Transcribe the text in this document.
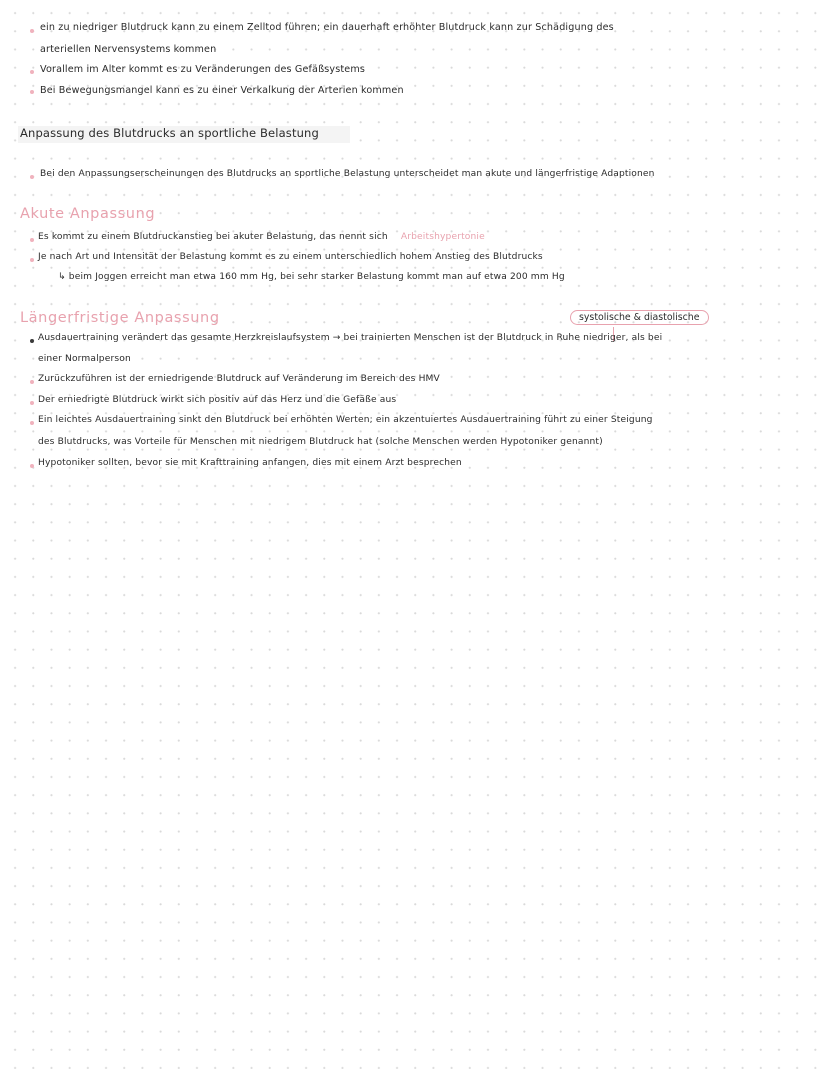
ein zu niedriger Blutdruck kann zu einem Zelltod führen; ein dauerhaft erhöhter Blutdruck kann zur Schädigung des
arteriellen Nervensystems kommen
Vorallem im Alter kommt es zu Veränderungen des Gefäßsystems
Bei Bewegungsmangel kann es zu einer Verkalkung der Arterien kommen
Anpassung des Blutdrucks an sportliche Belastung
Bei den Anpassungserscheinungen des Blutdrucks an sportliche Belastung unterscheidet man akute und längerfristige Adaptionen
Akute Anpassung
Es kommt zu einem Blutdruckanstieg bei akuter Belastung, das nennt sich Arbeitshypertonie
Je nach Art und Intensität der Belastung kommt es zu einem unterschiedlich hohem Anstieg des Blutdrucks
↳ beim Joggen erreicht man etwa 160 mm Hg, bei sehr starker Belastung kommt man auf etwa 200 mm Hg
Längerfristige Anpassung	systolische & diastolische
Ausdauertraining verändert das gesamte Herzkreislaufsystem → bei trainierten Menschen ist der Blutdruck in Ruhe niedriger, als bei
einer Normalperson
Zurückzuführen ist der erniedrigende Blutdruck auf Veränderung im Bereich des HMV
Der erniedrigte Blutdruck wirkt sich positiv auf das Herz und die Gefäße aus
Ein leichtes Ausdauertraining sinkt den Blutdruck bei erhöhten Werten; ein akzentuiertes Ausdauertraining führt zu einer Steigung
des Blutdrucks, was Vorteile für Menschen mit niedrigem Blutdruck hat (solche Menschen werden Hypotoniker genannt)
Hypotoniker sollten, bevor sie mit Krafttraining anfangen, dies mit einem Arzt besprechen
